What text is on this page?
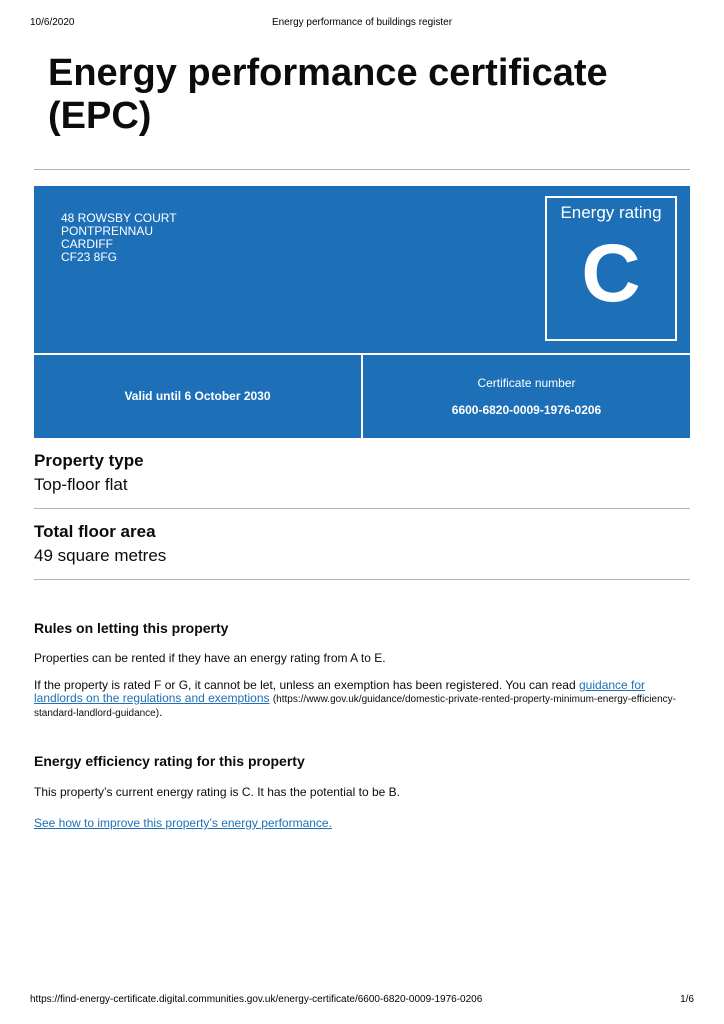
10/6/2020	Energy performance of buildings register
Energy performance certificate (EPC)
48 ROWSBY COURT
PONTPRENNAU
CARDIFF
CF23 8FG
Energy rating
C
Valid until 6 October 2030
Certificate number
6600-6820-0009-1976-0206
Property type

Top-floor flat

Total floor area

49 square metres

Rules on letting this property

Properties can be rented if they have an energy rating from A to E.

If the property is rated F or G, it cannot be let, unless an exemption has been registered. You can read guidance for landlords on the regulations and exemptions (https://www.gov.uk/guidance/domestic-private-rented-property-minimum-energy-efficiency-standard-landlord-guidance).

Energy efficiency rating for this property

This property’s current energy rating is C. It has the potential to be B.

See how to improve this property’s energy performance.

https://find-energy-certificate.digital.communities.gov.uk/energy-certificate/6600-6820-0009-1976-0206	1/6
